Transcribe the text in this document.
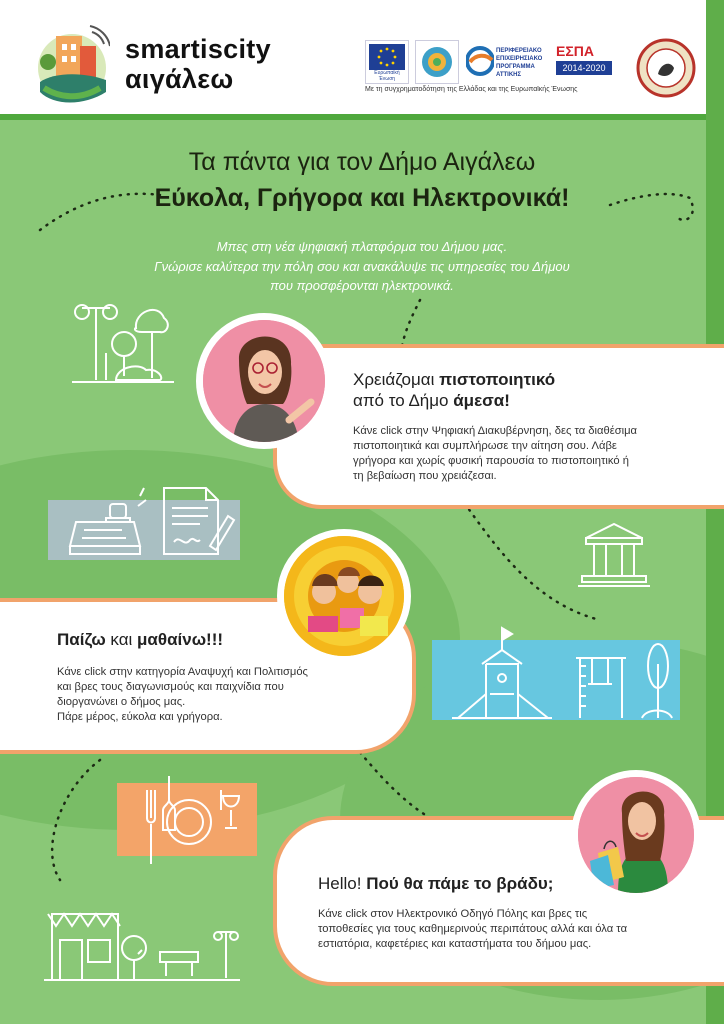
smartiscity
αιγάλεω	Ευρωπαϊκή Ένωση
ΠΕΡΙΦΕΡΕΙΑΚΟ ΕΠΙΧΕΙΡΗΣΙΑΚΟ ΠΡΟΓΡΑΜΜΑ ΑΤΤΙΚΗΣ
ΕΣΠΑ
2014-2020
Με τη συγχρηματοδότηση της Ελλάδας και της Ευρωπαϊκής Ένωσης
Τα πάντα για τον Δήμο Αιγάλεω
Εύκολα, Γρήγορα και Ηλεκτρονικά!
Μπες στη νέα ψηφιακή πλατφόρμα του Δήμου μας.
Γνώρισε καλύτερα την πόλη σου και ανακάλυψε τις υπηρεσίες του Δήμου
που προσφέρονται ηλεκτρονικά.
Χρειάζομαι πιστοποιητικό
από το Δήμο άμεσα!
Κάνε click στην Ψηφιακή Διακυβέρνηση, δες τα διαθέσιμα
πιστοποιητικά και συμπλήρωσε την αίτηση σου. Λάβε
γρήγορα και χωρίς φυσική παρουσία το πιστοποιητικό ή
τη βεβαίωση που χρειάζεσαι.
Παίζω και μαθαίνω!!!
Κάνε click στην κατηγορία Αναψυχή και Πολιτισμός
και βρες τους διαγωνισμούς και παιχνίδια που
διοργανώνει ο δήμος μας.
Πάρε μέρος, εύκολα και γρήγορα.
Hello! Πού θα πάμε το βράδυ;
Κάνε click στον Ηλεκτρονικό Οδηγό Πόλης και βρες τις
τοποθεσίες για τους καθημερινούς περιπάτους αλλά και όλα τα
εστιατόρια, καφετέριες και καταστήματα του δήμου μας.
